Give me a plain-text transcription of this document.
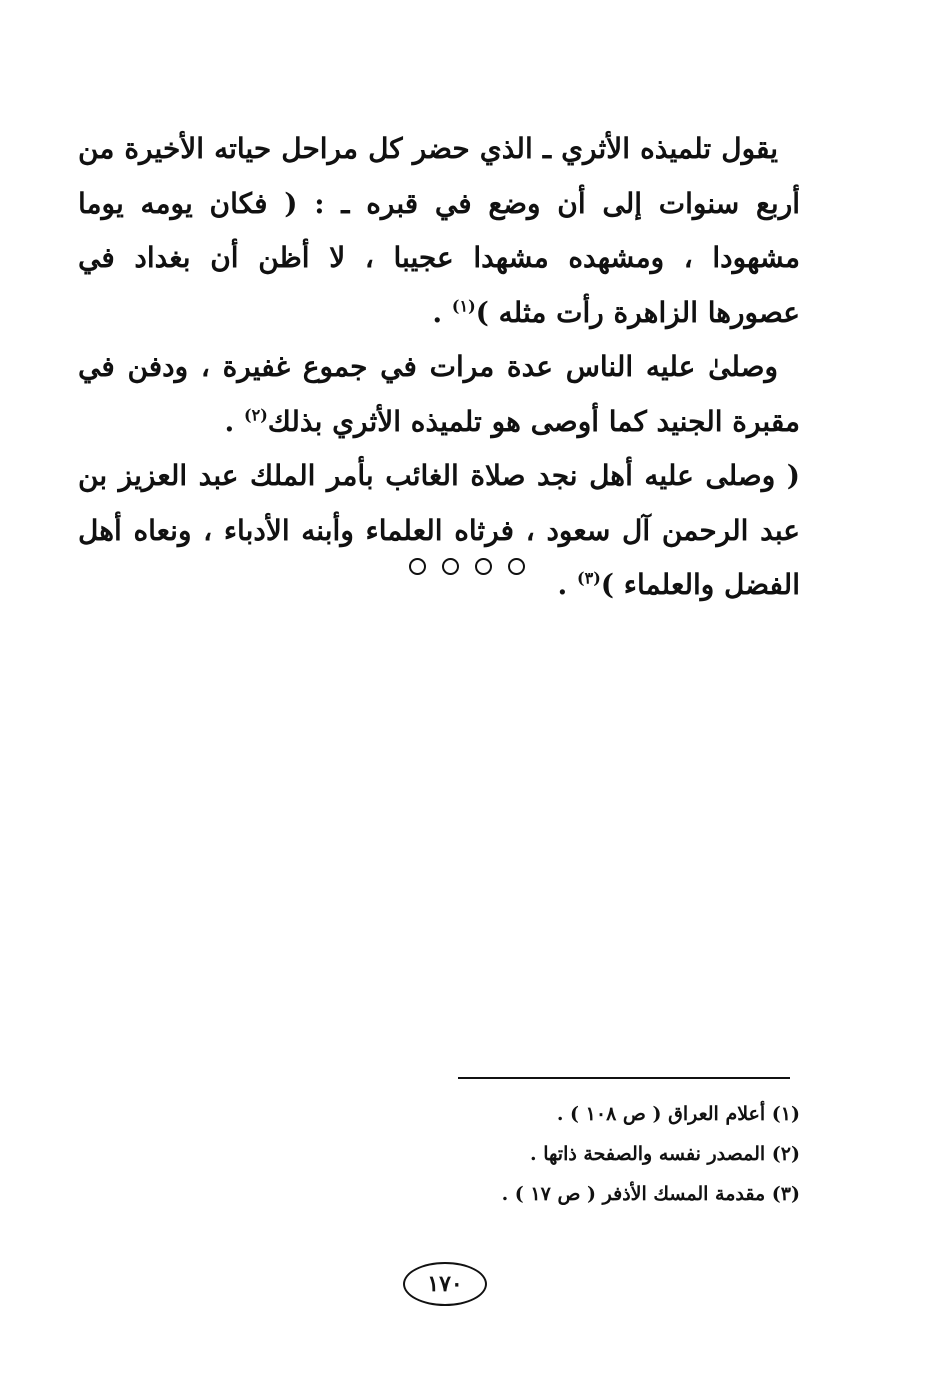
يقول تلميذه الأثري ـ الذي حضر كل مراحل حياته الأخيرة من أربع سنوات إلى أن وضع في قبره ـ : ( فكان يومه يوما مشهودا ، ومشهده مشهدا عجيبا ، لا أظن أن بغداد في عصورها الزاهرة رأت مثله )$^{(١)}$ .

وصلىٰ عليه الناس عدة مرات في جموع غفيرة ، ودفن في مقبرة الجنيد كما أوصى هو تلميذه الأثري بذلك$^{(٢)}$ .

( وصلى عليه أهل نجد صلاة الغائب بأمر الملك عبد العزيز بن عبد الرحمن آل سعود ، فرثاه العلماء وأبنه الأدباء ، ونعاه أهل الفضل والعلماء )$^{(٣)}$ .

(١) أعلام العراق ( ص ١٠٨ ) .

(٢) المصدر نفسه والصفحة ذاتها .

(٣) مقدمة المسك الأذفر ( ص ١٧ ) .

١٧٠
